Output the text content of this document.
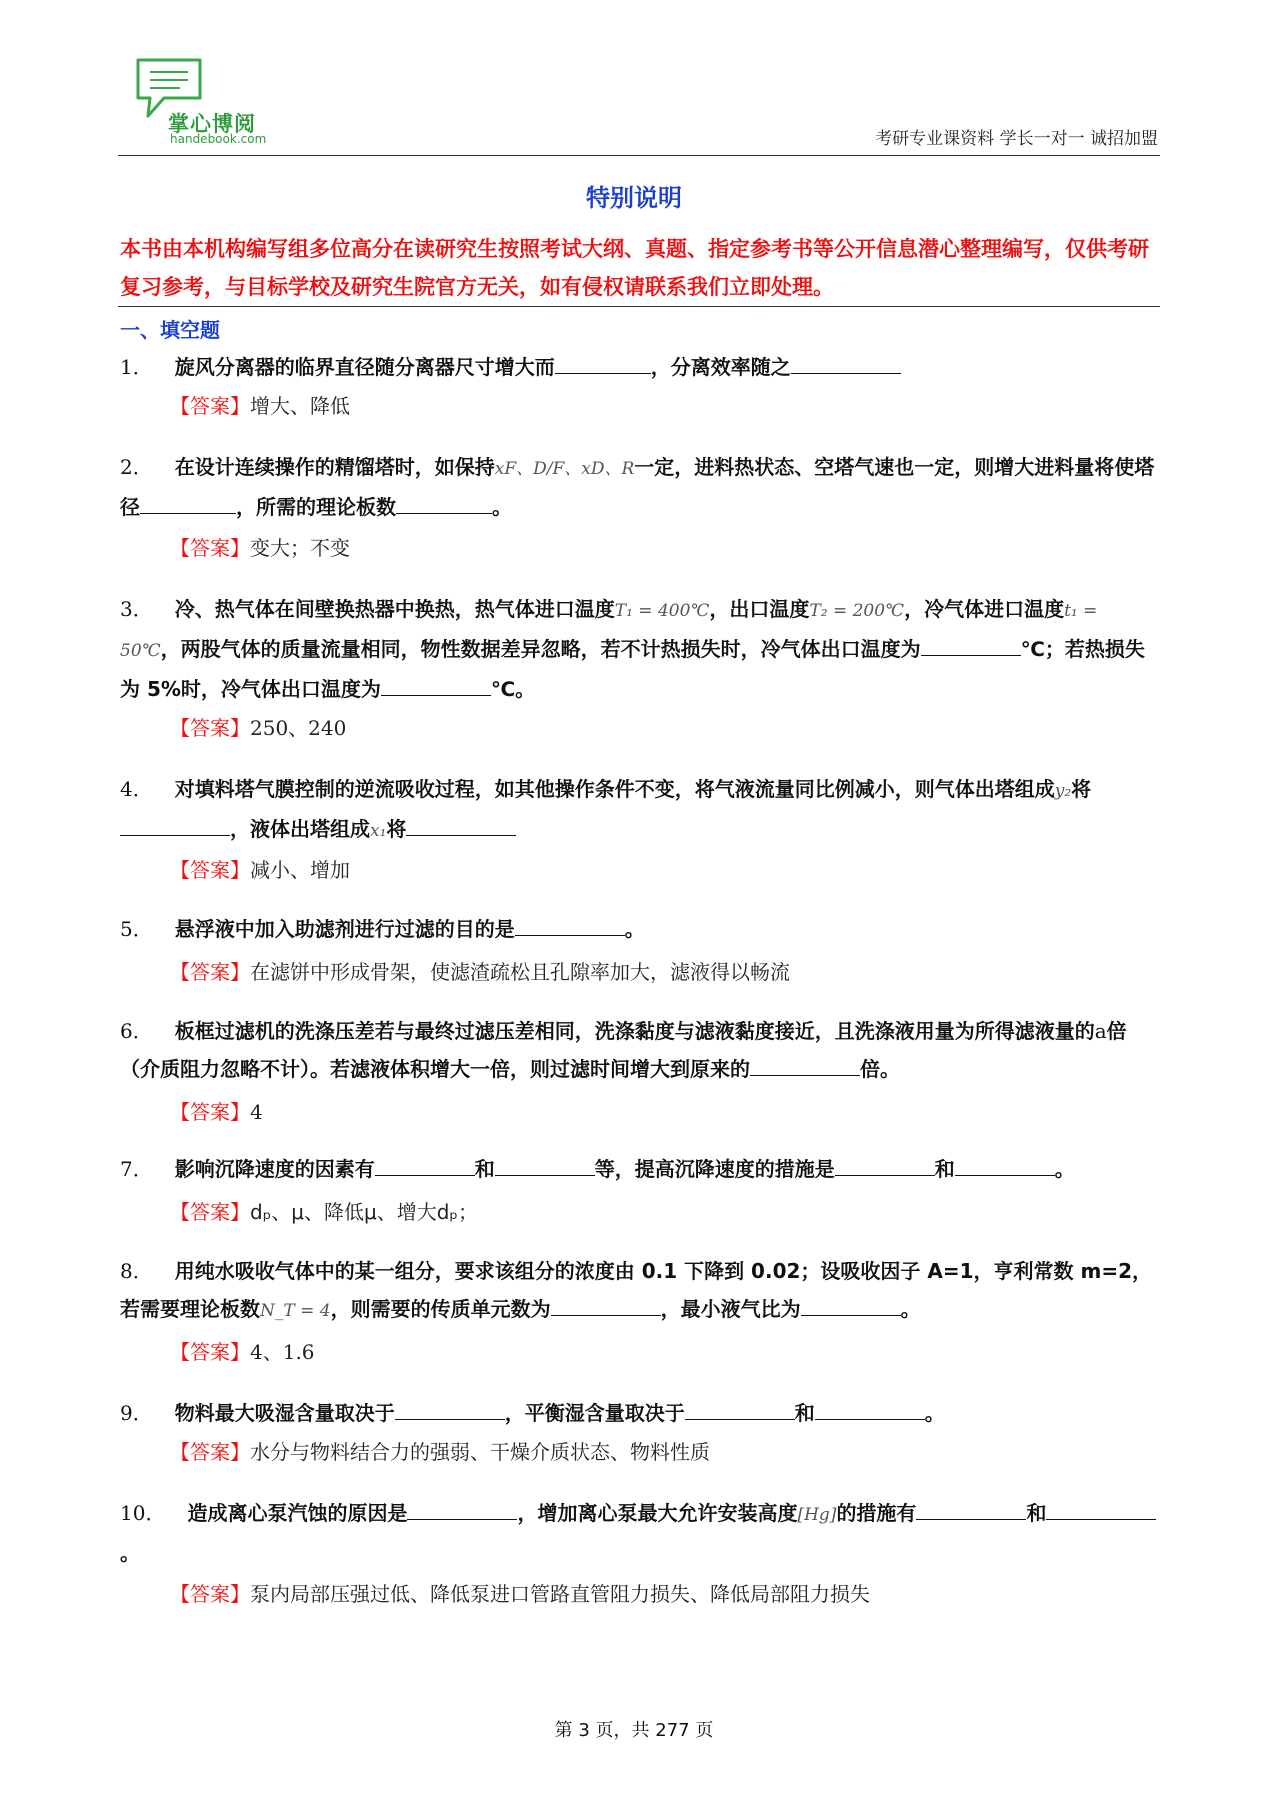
掌心博阅
handebook.com	考研专业课资料 学长一对一 诚招加盟
特别说明
本书由本机构编写组多位高分在读研究生按照考试大纲、真题、指定参考书等公开信息潜心整理编写，仅供考研复习参考，与目标学校及研究生院官方无关，如有侵权请联系我们立即处理。
一、填空题
1． 旋风分离器的临界直径随分离器尺寸增大而	，分离效率随之
【答案】增大、降低
2． 在设计连续操作的精馏塔时，如保持xF、D/F、xD、R一定，进料热状态、空塔气速也一定，则增大进料量将使塔径	，所需的理论板数	。
【答案】变大；不变
3． 冷、热气体在间壁换热器中换热，热气体进口温度T₁ = 400℃，出口温度T₂ = 200℃，冷气体进口温度t₁ = 50℃，两股气体的质量流量相同，物性数据差异忽略，若不计热损失时，冷气体出口温度为	℃；若热损失为 5%时，冷气体出口温度为	℃。
【答案】250、240
4． 对填料塔气膜控制的逆流吸收过程，如其他操作条件不变，将气液流量同比例减小，则气体出塔组成y₂将，液体出塔组成x₁将
【答案】减小、增加
5． 悬浮液中加入助滤剂进行过滤的目的是	。
【答案】在滤饼中形成骨架，使滤渣疏松且孔隙率加大，滤液得以畅流
6． 板框过滤机的洗涤压差若与最终过滤压差相同，洗涤黏度与滤液黏度接近，且洗涤液用量为所得滤液量的a倍（介质阻力忽略不计）。若滤液体积增大一倍，则过滤时间增大到原来的	倍。
【答案】4
7． 影响沉降速度的因素有	和	等，提高沉降速度的措施是	和	。
【答案】dₚ、μ、降低μ、增大dₚ；
8． 用纯水吸收气体中的某一组分，要求该组分的浓度由 0.1 下降到 0.02；设吸收因子 A=1，亨利常数 m=2，若需要理论板数N_T = 4，则需要的传质单元数为	，最小液气比为	。
【答案】4、1.6
9． 物料最大吸湿含量取决于	，平衡湿含量取决于	和	。
【答案】水分与物料结合力的强弱、干燥介质状态、物料性质
10． 造成离心泵汽蚀的原因是	，增加离心泵最大允许安装高度[Hg]的措施有	和。
【答案】泵内局部压强过低、降低泵进口管路直管阻力损失、降低局部阻力损失
第 3 页，共 277 页
